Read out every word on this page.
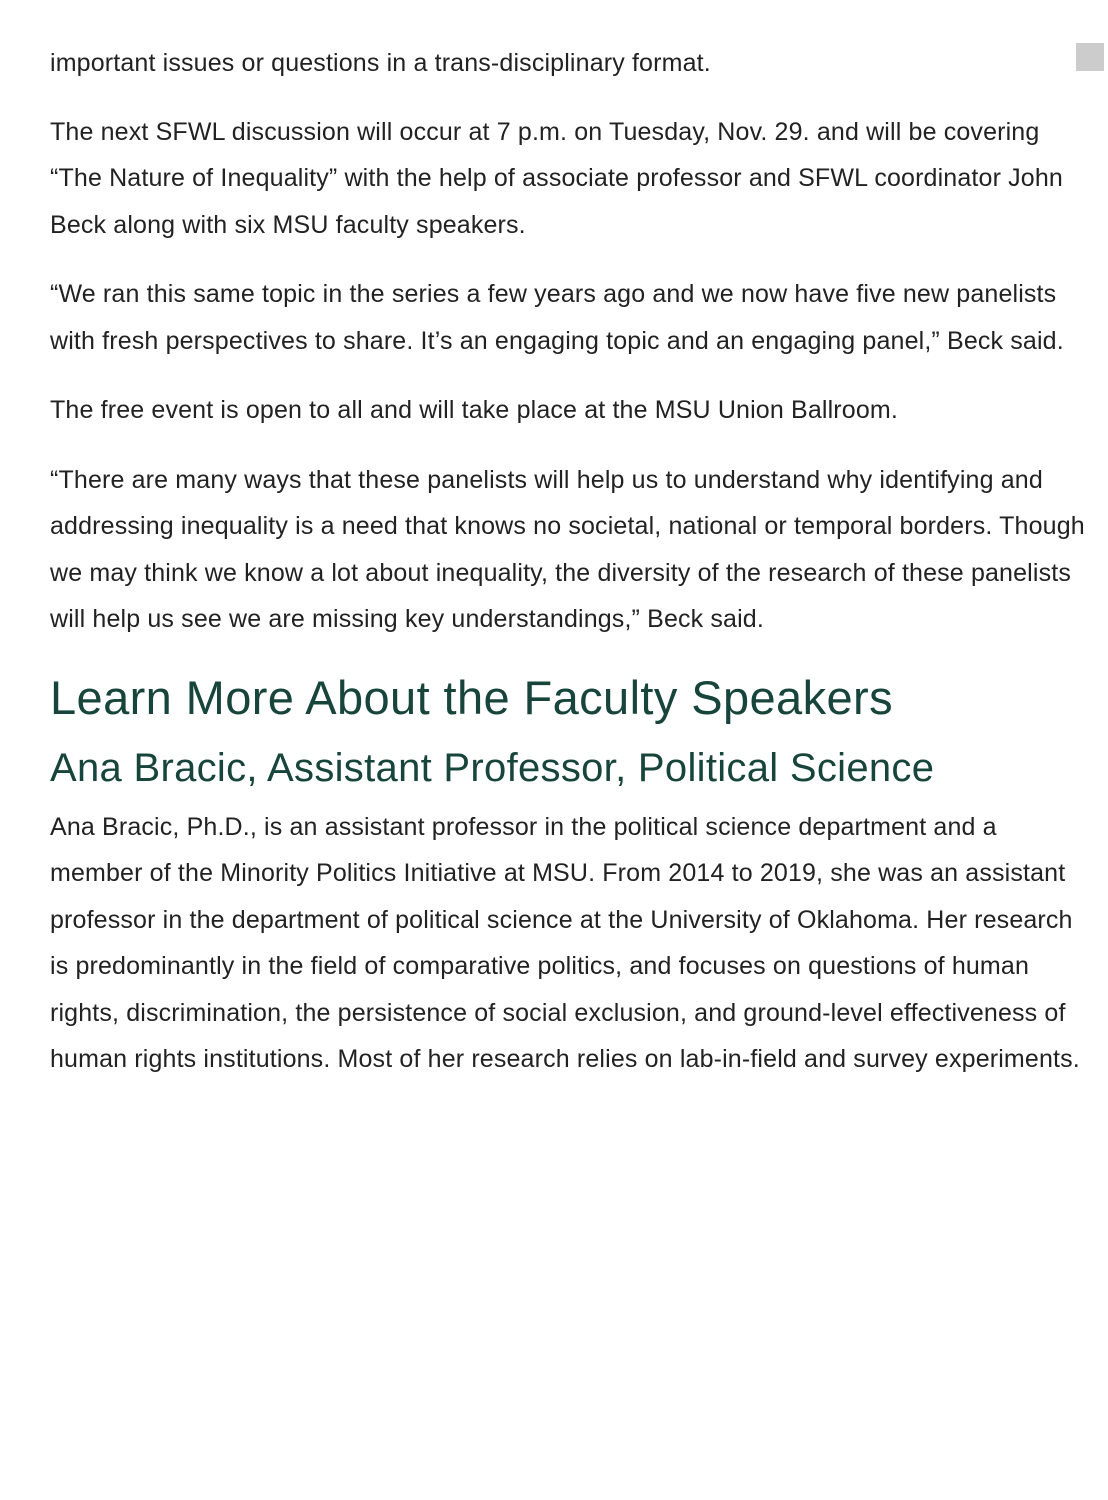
important issues or questions in a trans-disciplinary format.

The next SFWL discussion will occur at 7 p.m. on Tuesday, Nov. 29. and will be covering “The Nature of Inequality” with the help of associate professor and SFWL coordinator John Beck along with six MSU faculty speakers.

“We ran this same topic in the series a few years ago and we now have five new panelists with fresh perspectives to share. It’s an engaging topic and an engaging panel,” Beck said.

The free event is open to all and will take place at the MSU Union Ballroom.

“There are many ways that these panelists will help us to understand why identifying and addressing inequality is a need that knows no societal, national or temporal borders. Though we may think we know a lot about inequality, the diversity of the research of these panelists will help us see we are missing key understandings,” Beck said.

Learn More About the Faculty Speakers
Ana Bracic, Assistant Professor, Political Science

Ana Bracic, Ph.D., is an assistant professor in the political science department and a member of the Minority Politics Initiative at MSU. From 2014 to 2019, she was an assistant professor in the department of political science at the University of Oklahoma. Her research is predominantly in the field of comparative politics, and focuses on questions of human rights, discrimination, the persistence of social exclusion, and ground-level effectiveness of human rights institutions. Most of her research relies on lab-in-field and survey experiments.
